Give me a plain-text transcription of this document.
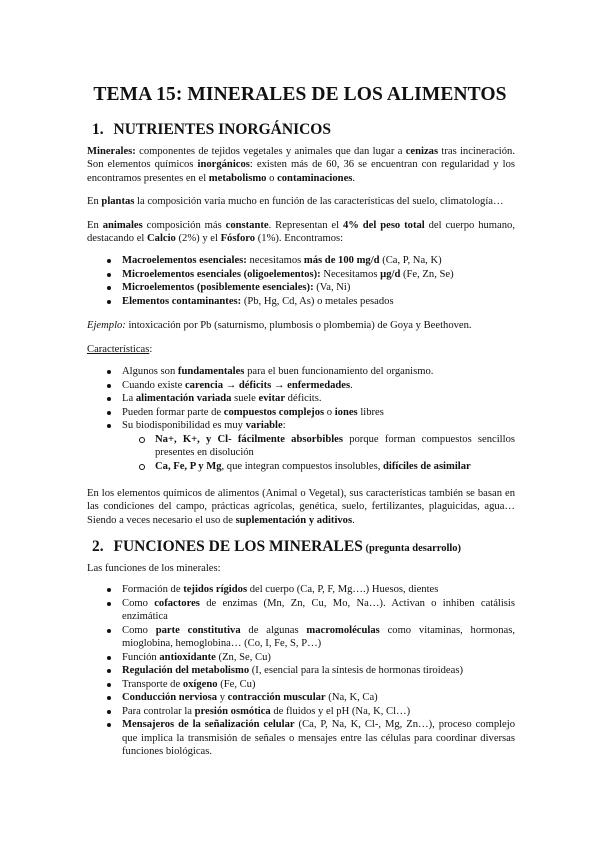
TEMA 15: MINERALES DE LOS ALIMENTOS
1. NUTRIENTES INORGÁNICOS
Minerales: componentes de tejidos vegetales y animales que dan lugar a cenizas tras incineración. Son elementos químicos inorgánicos: existen más de 60, 36 se encuentran con regularidad y los encontramos presentes en el metabolismo o contaminaciones.
En plantas la composición varía mucho en función de las características del suelo, climatología…
En animales composición más constante. Representan el 4% del peso total del cuerpo humano, destacando el Calcio (2%) y el Fósforo (1%). Encontramos:
Macroelementos esenciales: necesitamos más de 100 mg/d (Ca, P, Na, K)
Microelementos esenciales (oligoelementos): Necesitamos µg/d (Fe, Zn, Se)
Microelementos (posiblemente esenciales): (Va, Ni)
Elementos contaminantes: (Pb, Hg, Cd, As) o metales pesados
Ejemplo: intoxicación por Pb (saturnismo, plumbosis o plombemia) de Goya y Beethoven.
Características:
Algunos son fundamentales para el buen funcionamiento del organismo.
Cuando existe carencia → déficits → enfermedades.
La alimentación variada suele evitar déficits.
Pueden formar parte de compuestos complejos o iones libres
Su biodisponibilidad es muy variable:
Na+, K+, y Cl- fácilmente absorbibles porque forman compuestos sencillos presentes en disolución
Ca, Fe, P y Mg, que integran compuestos insolubles, difíciles de asimilar
En los elementos químicos de alimentos (Animal o Vegetal), sus características también se basan en las condiciones del campo, prácticas agrícolas, genética, suelo, fertilizantes, plaguicidas, agua… Siendo a veces necesario el uso de suplementación y aditivos.
2. FUNCIONES DE LOS MINERALES (pregunta desarrollo)
Las funciones de los minerales:
Formación de tejidos rígidos del cuerpo (Ca, P, F, Mg….) Huesos, dientes
Como cofactores de enzimas (Mn, Zn, Cu, Mo, Na…). Activan o inhiben catálisis enzimática
Como parte constitutiva de algunas macromoléculas como vitaminas, hormonas, mioglobina, hemoglobina… (Co, I, Fe, S, P…)
Función antioxidante (Zn, Se, Cu)
Regulación del metabolismo (I, esencial para la síntesis de hormonas tiroideas)
Transporte de oxígeno (Fe, Cu)
Conducción nerviosa y contracción muscular (Na, K, Ca)
Para controlar la presión osmótica de fluidos y el pH (Na, K, Cl…)
Mensajeros de la señalización celular (Ca, P, Na, K, Cl-, Mg, Zn…), proceso complejo que implica la transmisión de señales o mensajes entre las células para coordinar diversas funciones biológicas.
